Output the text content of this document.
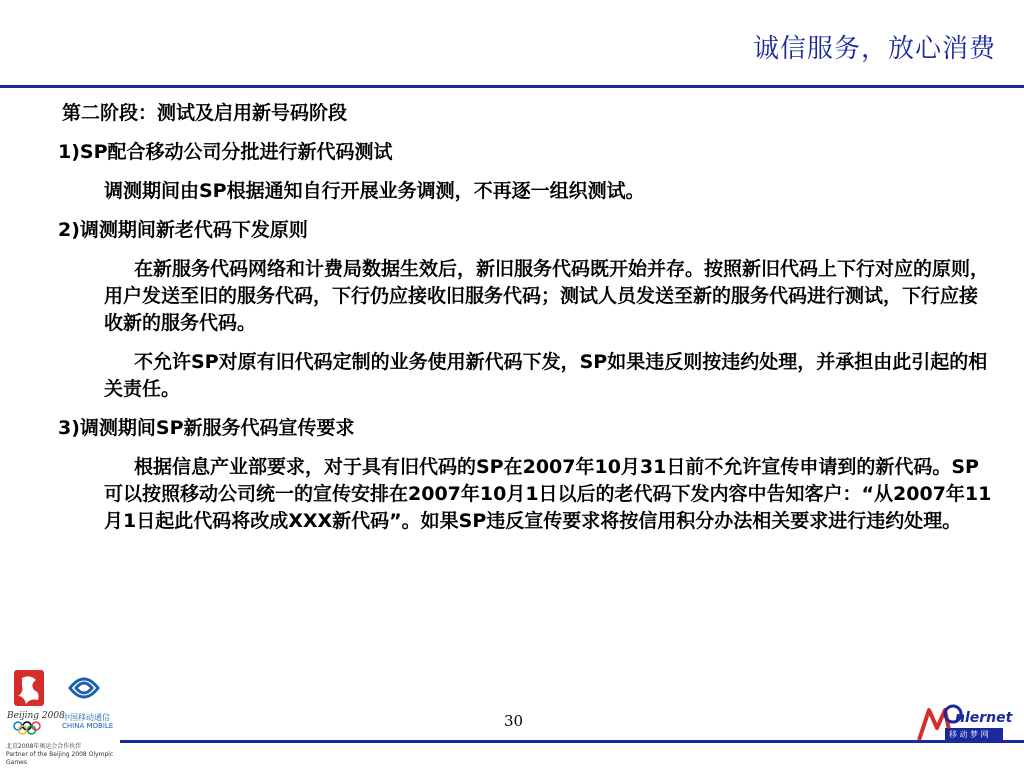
诚信服务，放心消费

第二阶段：测试及启用新号码阶段

1)SP配合移动公司分批进行新代码测试

调测期间由SP根据通知自行开展业务调测，不再逐一组织测试。

2)调测期间新老代码下发原则

在新服务代码网络和计费局数据生效后，新旧服务代码既开始并存。按照新旧代码上下行对应的原则，用户发送至旧的服务代码，下行仍应接收旧服务代码；测试人员发送至新的服务代码进行测试，下行应接收新的服务代码。

不允许SP对原有旧代码定制的业务使用新代码下发，SP如果违反则按违约处理，并承担由此引起的相关责任。

3)调测期间SP新服务代码宣传要求

根据信息产业部要求，对于具有旧代码的SP在2007年10月31日前不允许宣传申请到的新代码。SP可以按照移动公司统一的宣传安排在2007年10月1日以后的老代码下发内容中告知客户：“从2007年11月1日起此代码将改成XXX新代码”。如果SP违反宣传要求将按信用积分办法相关要求进行违约处理。

30
Beijing 2008
中国移动通信
CHINA MOBILE
北京2008年奥运会合作伙伴
Partner of the Beijing 2008 Olympic Games
nlernet
移 动 梦 网
